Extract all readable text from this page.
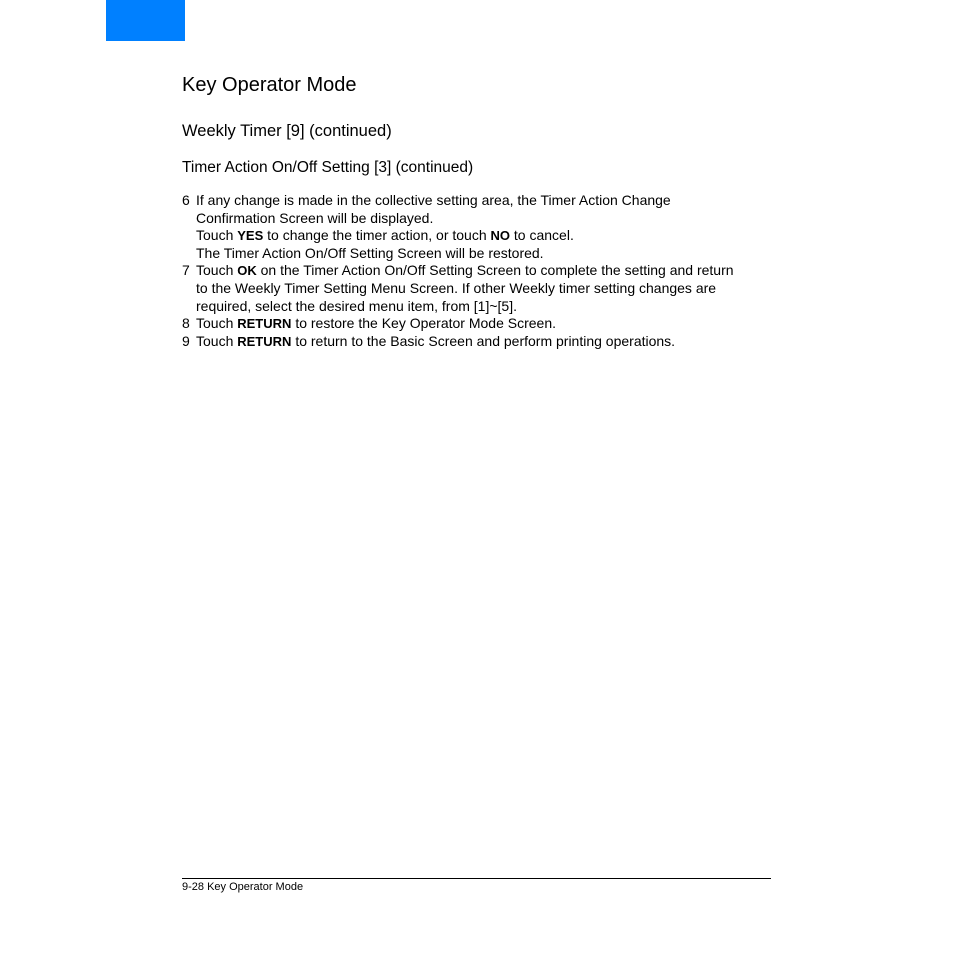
Key Operator Mode
Weekly Timer [9] (continued)
Timer Action On/Off Setting [3] (continued)
6 If any change is made in the collective setting area, the Timer Action Change
Confirmation Screen will be displayed.
Touch YES to change the timer action, or touch NO to cancel.
The Timer Action On/Off Setting Screen will be restored.
7 Touch OK on the Timer Action On/Off Setting Screen to complete the setting and return
to the Weekly Timer Setting Menu Screen. If other Weekly timer setting changes are
required, select the desired menu item, from [1]~[5].
8 Touch RETURN to restore the Key Operator Mode Screen.
9 Touch RETURN to return to the Basic Screen and perform printing operations.
9-28 Key Operator Mode
